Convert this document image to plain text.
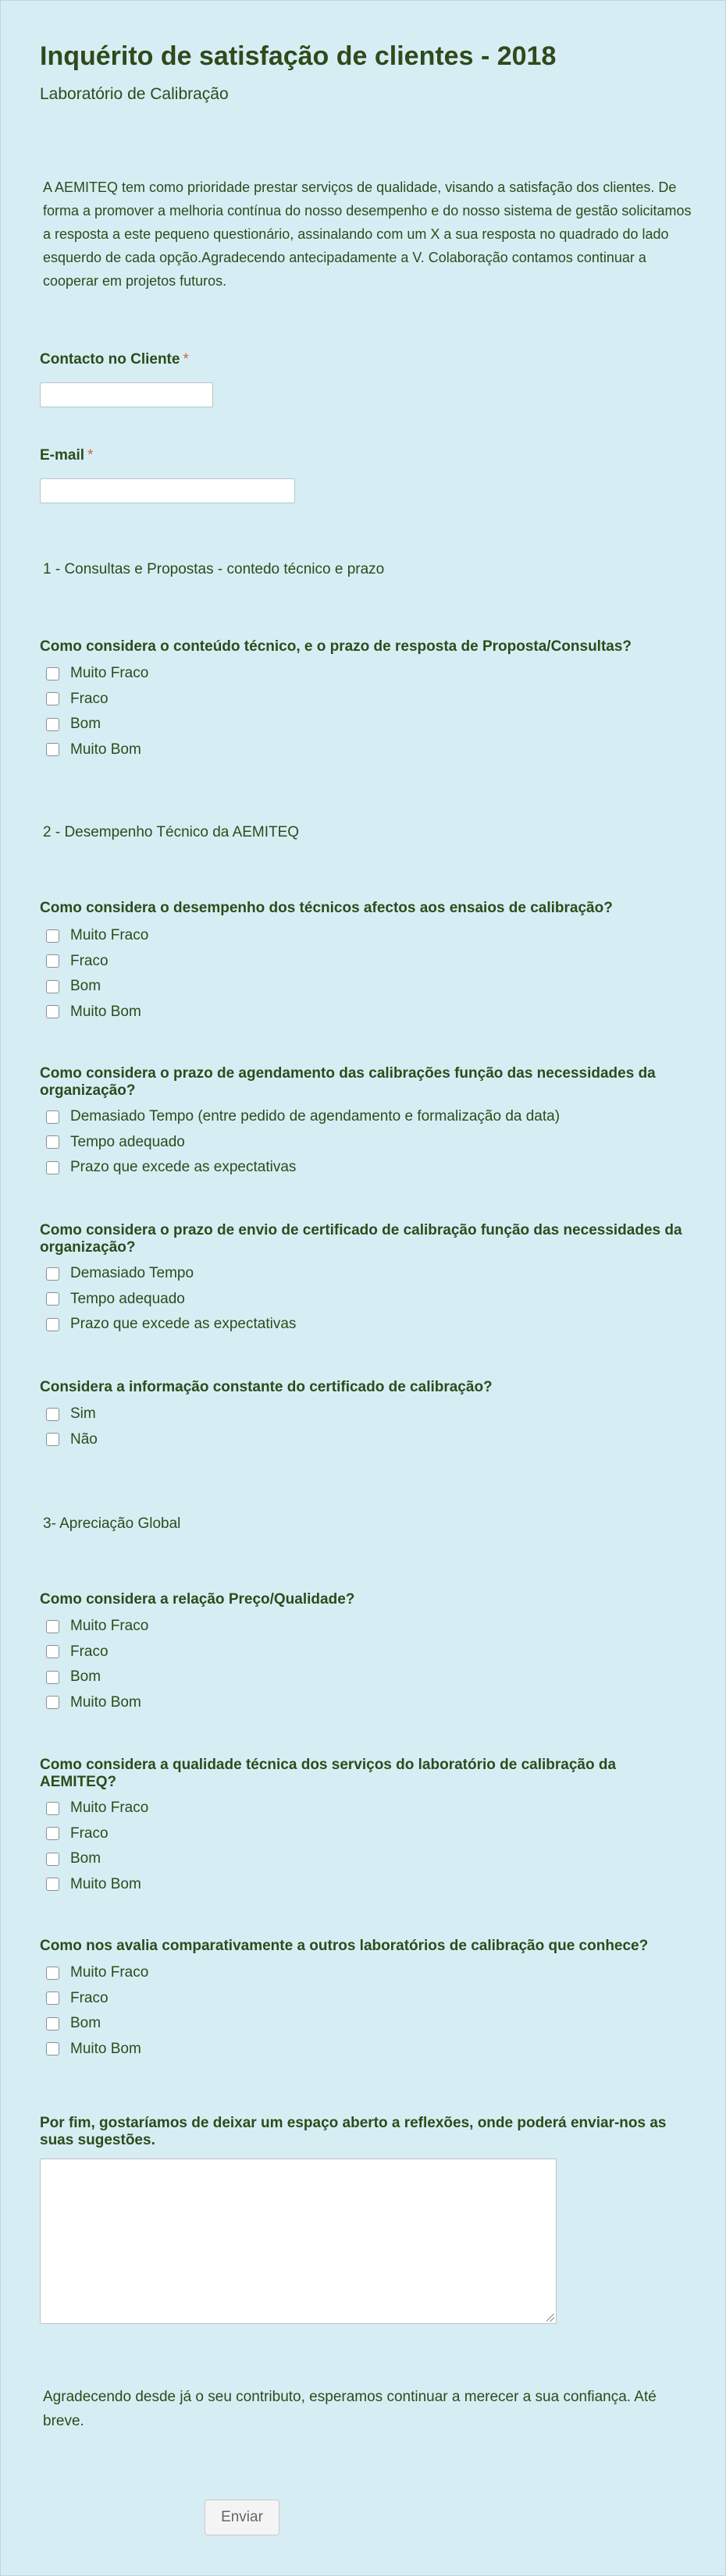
Inquérito de satisfação de clientes - 2018
Laboratório de Calibração
A AEMITEQ tem como prioridade prestar serviços de qualidade, visando a satisfação dos clientes. De forma a promover a melhoria contínua do nosso desempenho e do nosso sistema de gestão solicitamos a resposta a este pequeno questionário, assinalando com um X a sua resposta no quadrado do lado esquerdo de cada opção.Agradecendo antecipadamente a V. Colaboração contamos continuar a cooperar em projetos futuros.
Contacto no Cliente *
E-mail *
1 - Consultas e Propostas - contedo técnico e prazo
Como considera o conteúdo técnico, e o prazo de resposta de Proposta/Consultas?
Muito Fraco
Fraco
Bom
Muito Bom
2 - Desempenho Técnico da AEMITEQ
Como considera o desempenho dos técnicos afectos aos ensaios de calibração?
Muito Fraco
Fraco
Bom
Muito Bom
Como considera o prazo de agendamento das calibrações função das necessidades da organização?
Demasiado Tempo (entre pedido de agendamento e formalização da data)
Tempo adequado
Prazo que excede as expectativas
Como considera o prazo de envio de certificado de calibração função das necessidades da organização?
Demasiado Tempo
Tempo adequado
Prazo que excede as expectativas
Considera a informação constante do certificado de calibração?
Sim
Não
3- Apreciação Global
Como considera a relação Preço/Qualidade?
Muito Fraco
Fraco
Bom
Muito Bom
Como considera a qualidade técnica dos serviços do laboratório de calibração da AEMITEQ?
Muito Fraco
Fraco
Bom
Muito Bom
Como nos avalia comparativamente a outros laboratórios de calibração que conhece?
Muito Fraco
Fraco
Bom
Muito Bom
Por fim, gostaríamos de deixar um espaço aberto a reflexões, onde poderá enviar-nos as suas sugestões.
Agradecendo desde já o seu contributo, esperamos continuar a merecer a sua confiança. Até breve.
Enviar
